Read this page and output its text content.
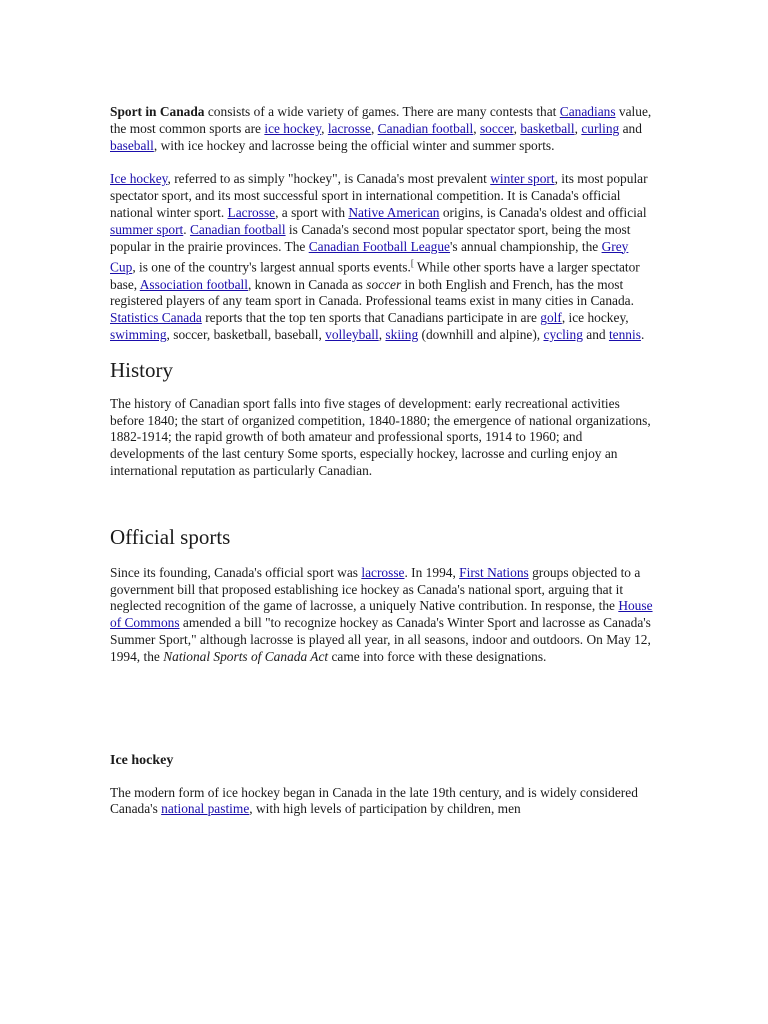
Sport in Canada consists of a wide variety of games. There are many contests that Canadians value, the most common sports are ice hockey, lacrosse, Canadian football, soccer, basketball, curling and baseball, with ice hockey and lacrosse being the official winter and summer sports.

Ice hockey, referred to as simply "hockey", is Canada's most prevalent winter sport, its most popular spectator sport, and its most successful sport in international competition. It is Canada's official national winter sport. Lacrosse, a sport with Native American origins, is Canada's oldest and official summer sport. Canadian football is Canada's second most popular spectator sport, being the most popular in the prairie provinces. The Canadian Football League's annual championship, the Grey Cup, is one of the country's largest annual sports events.[ While other sports have a larger spectator base, Association football, known in Canada as soccer in both English and French, has the most registered players of any team sport in Canada. Professional teams exist in many cities in Canada. Statistics Canada reports that the top ten sports that Canadians participate in are golf, ice hockey, swimming, soccer, basketball, baseball, volleyball, skiing (downhill and alpine), cycling and tennis.

History

The history of Canadian sport falls into five stages of development: early recreational activities before 1840; the start of organized competition, 1840-1880; the emergence of national organizations, 1882-1914; the rapid growth of both amateur and professional sports, 1914 to 1960; and developments of the last century Some sports, especially hockey, lacrosse and curling enjoy an international reputation as particularly Canadian.

Official sports

Since its founding, Canada's official sport was lacrosse. In 1994, First Nations groups objected to a government bill that proposed establishing ice hockey as Canada's national sport, arguing that it neglected recognition of the game of lacrosse, a uniquely Native contribution. In response, the House of Commons amended a bill "to recognize hockey as Canada's Winter Sport and lacrosse as Canada's Summer Sport," although lacrosse is played all year, in all seasons, indoor and outdoors. On May 12, 1994, the National Sports of Canada Act came into force with these designations.

Ice hockey

The modern form of ice hockey began in Canada in the late 19th century, and is widely considered Canada's national pastime, with high levels of participation by children, men
